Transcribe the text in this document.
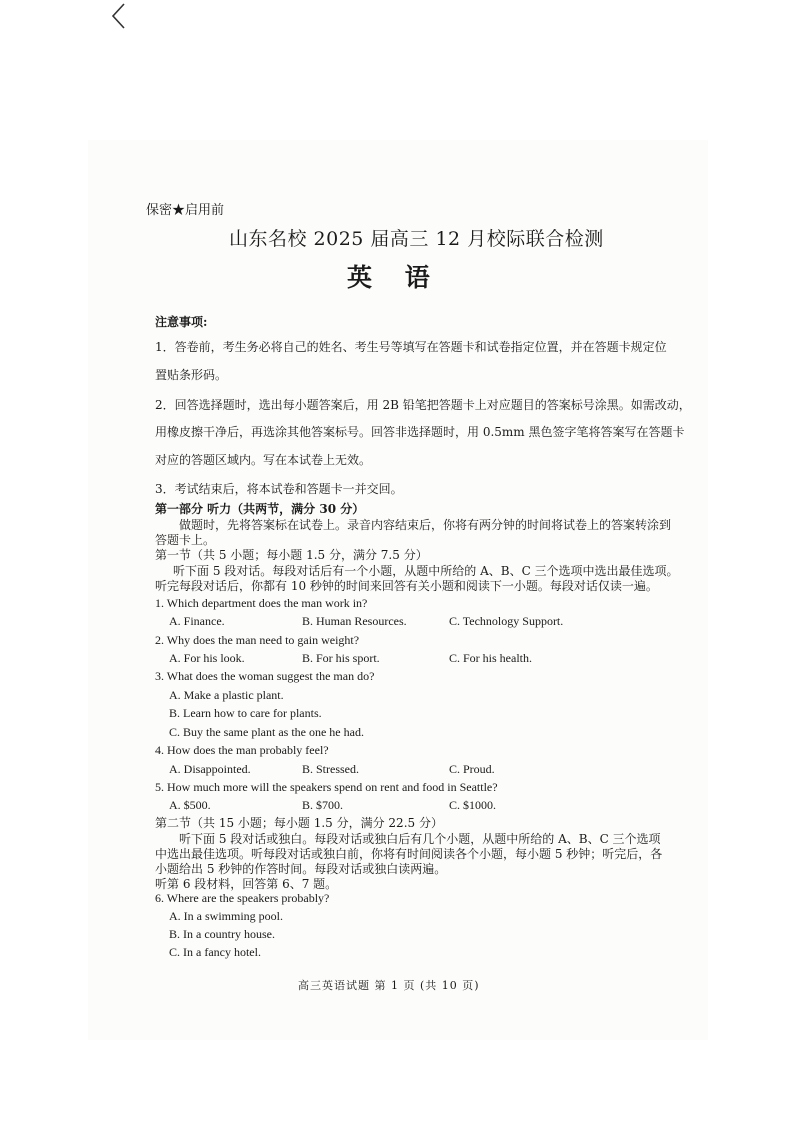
保密★启用前
山东名校 2025 届高三 12 月校际联合检测
英 语
注意事项:
1．答卷前，考生务必将自己的姓名、考生号等填写在答题卡和试卷指定位置，并在答题卡规定位
置贴条形码。
2．回答选择题时，选出每小题答案后，用 2B 铅笔把答题卡上对应题目的答案标号涂黑。如需改动，
用橡皮擦干净后，再选涂其他答案标号。回答非选择题时，用 0.5mm 黑色签字笔将答案写在答题卡
对应的答题区域内。写在本试卷上无效。
3．考试结束后，将本试卷和答题卡一并交回。
第一部分 听力（共两节，满分 30 分）
做题时，先将答案标在试卷上。录音内容结束后，你将有两分钟的时间将试卷上的答案转涂到
答题卡上。
第一节（共 5 小题；每小题 1.5 分，满分 7.5 分）
听下面 5 段对话。每段对话后有一个小题，从题中所给的 A、B、C 三个选项中选出最佳选项。
听完每段对话后，你都有 10 秒钟的时间来回答有关小题和阅读下一小题。每段对话仅读一遍。
1. Which department does the man work in?
A. Finance.	B. Human Resources.	C. Technology Support.
2. Why does the man need to gain weight?
A. For his look.	B. For his sport.	C. For his health.
3. What does the woman suggest the man do?
A. Make a plastic plant.
B. Learn how to care for plants.
C. Buy the same plant as the one he had.
4. How does the man probably feel?
A. Disappointed.	B. Stressed.	C. Proud.
5. How much more will the speakers spend on rent and food in Seattle?
A. $500.	B. $700.	C. $1000.
第二节（共 15 小题；每小题 1.5 分，满分 22.5 分）
听下面 5 段对话或独白。每段对话或独白后有几个小题，从题中所给的 A、B、C 三个选项
中选出最佳选项。听每段对话或独白前，你将有时间阅读各个小题，每小题 5 秒钟；听完后，各
小题给出 5 秒钟的作答时间。每段对话或独白读两遍。
听第 6 段材料，回答第 6、7 题。
6. Where are the speakers probably?
A. In a swimming pool.
B. In a country house.
C. In a fancy hotel.
高三英语试题 第 1 页 (共 10 页)
